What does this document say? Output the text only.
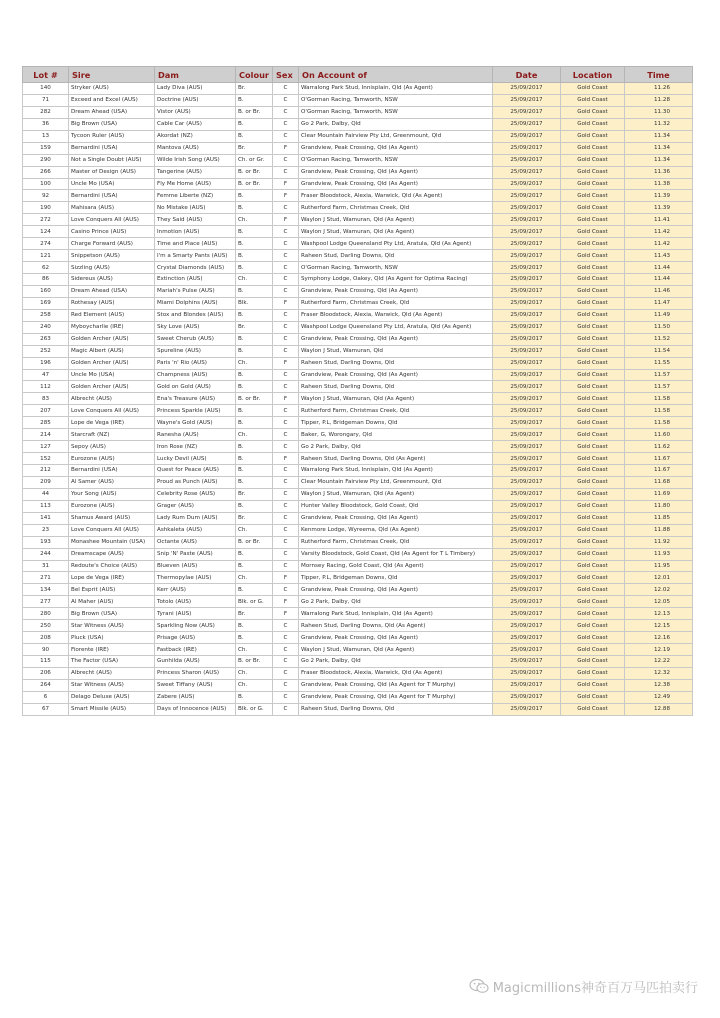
Lot #	Sire	Dam	Colour	Sex	On Account of	Date	Location	Time
140	Stryker (AUS)	Lady Diva (AUS)	Br.	C	Warralong Park Stud, Innisplain, Qld (As Agent)	25/09/2017	Gold Coast	11.26
71	Exceed and Excel (AUS)	Doctrine (AUS)	B.	C	O'Gorman Racing, Tamworth, NSW	25/09/2017	Gold Coast	11.28
282	Dream Ahead (USA)	Vistor (AUS)	B. or Br.	C	O'Gorman Racing, Tamworth, NSW	25/09/2017	Gold Coast	11.30
36	Big Brown (USA)	Cable Car (AUS)	B.	C	Go 2 Park, Dalby, Qld	25/09/2017	Gold Coast	11.32
13	Tycoon Ruler (AUS)	Akordat (NZ)	B.	C	Clear Mountain Fairview Pty Ltd, Greenmount, Qld	25/09/2017	Gold Coast	11.34
159	Bernardini (USA)	Mantova (AUS)	Br.	F	Grandview, Peak Crossing, Qld (As Agent)	25/09/2017	Gold Coast	11.34
290	Not a Single Doubt (AUS)	Wilde Irish Song (AUS)	Ch. or Gr.	C	O'Gorman Racing, Tamworth, NSW	25/09/2017	Gold Coast	11.34
266	Master of Design (AUS)	Tangerine (AUS)	B. or Br.	C	Grandview, Peak Crossing, Qld (As Agent)	25/09/2017	Gold Coast	11.36
100	Uncle Mo (USA)	Fly Me Home (AUS)	B. or Br.	F	Grandview, Peak Crossing, Qld (As Agent)	25/09/2017	Gold Coast	11.38
92	Bernardini (USA)	Femme Liberte (NZ)	B.	F	Fraser Bloodstock, Alexia, Warwick, Qld (As Agent)	25/09/2017	Gold Coast	11.39
190	Mahisara (AUS)	No Mistake (AUS)	B.	C	Rutherford Farm, Christmas Creek, Qld	25/09/2017	Gold Coast	11.39
272	Love Conquers All (AUS)	They Said (AUS)	Ch.	F	Waylon J Stud, Wamuran, Qld (As Agent)	25/09/2017	Gold Coast	11.41
124	Casino Prince (AUS)	Inmotion (AUS)	B.	C	Waylon J Stud, Wamuran, Qld (As Agent)	25/09/2017	Gold Coast	11.42
274	Charge Forward (AUS)	Time and Place (AUS)	B.	C	Washpool Lodge Queensland Pty Ltd, Aratula, Qld (As Agent)	25/09/2017	Gold Coast	11.42
121	Snippetson (AUS)	I'm a Smarty Pants (AUS)	B.	C	Raheen Stud, Darling Downs, Qld	25/09/2017	Gold Coast	11.43
62	Sizzling (AUS)	Crystal Diamonds (AUS)	B.	C	O'Gorman Racing, Tamworth, NSW	25/09/2017	Gold Coast	11.44
86	Sidereus (AUS)	Extinction (AUS)	Ch.	C	Symphony Lodge, Oakey, Qld (As Agent for Optima Racing)	25/09/2017	Gold Coast	11.44
160	Dream Ahead (USA)	Mariah's Pulse (AUS)	B.	C	Grandview, Peak Crossing, Qld (As Agent)	25/09/2017	Gold Coast	11.46
169	Rothesay (AUS)	Miami Dolphins (AUS)	Blk.	F	Rutherford Farm, Christmas Creek, Qld	25/09/2017	Gold Coast	11.47
258	Red Element (AUS)	Stox and Blondes (AUS)	B.	C	Fraser Bloodstock, Alexia, Warwick, Qld (As Agent)	25/09/2017	Gold Coast	11.49
240	Myboycharlie (IRE)	Sky Love (AUS)	Br.	C	Washpool Lodge Queensland Pty Ltd, Aratula, Qld (As Agent)	25/09/2017	Gold Coast	11.50
263	Golden Archer (AUS)	Sweet Cherub (AUS)	B.	C	Grandview, Peak Crossing, Qld (As Agent)	25/09/2017	Gold Coast	11.52
252	Magic Albert (AUS)	Spureline (AUS)	B.	C	Waylon J Stud, Wamuran, Qld	25/09/2017	Gold Coast	11.54
196	Golden Archer (AUS)	Paris 'n' Rio (AUS)	Ch.	F	Raheen Stud, Darling Downs, Qld	25/09/2017	Gold Coast	11.55
47	Uncle Mo (USA)	Champness (AUS)	B.	C	Grandview, Peak Crossing, Qld (As Agent)	25/09/2017	Gold Coast	11.57
112	Golden Archer (AUS)	Gold on Gold (AUS)	B.	C	Raheen Stud, Darling Downs, Qld	25/09/2017	Gold Coast	11.57
83	Albrecht (AUS)	Ena's Treasure (AUS)	B. or Br.	F	Waylon J Stud, Wamuran, Qld (As Agent)	25/09/2017	Gold Coast	11.58
207	Love Conquers All (AUS)	Princess Sparkle (AUS)	B.	C	Rutherford Farm, Christmas Creek, Qld	25/09/2017	Gold Coast	11.58
285	Lope de Vega (IRE)	Wayne's Gold (AUS)	B.	C	Tipper, P.L, Bridgeman Downs, Qld	25/09/2017	Gold Coast	11.58
214	Starcraft (NZ)	Ranesha (AUS)	Ch.	C	Baker, G, Worongary, Qld	25/09/2017	Gold Coast	11.60
127	Sepoy (AUS)	Iron Rose (NZ)	B.	C	Go 2 Park, Dalby, Qld	25/09/2017	Gold Coast	11.62
152	Eurozone (AUS)	Lucky Devil (AUS)	B.	F	Raheen Stud, Darling Downs, Qld (As Agent)	25/09/2017	Gold Coast	11.67
212	Bernardini (USA)	Quest for Peace (AUS)	B.	C	Warralong Park Stud, Innisplain, Qld (As Agent)	25/09/2017	Gold Coast	11.67
209	Al Samer (AUS)	Proud as Punch (AUS)	B.	C	Clear Mountain Fairview Pty Ltd, Greenmount, Qld	25/09/2017	Gold Coast	11.68
44	Your Song (AUS)	Celebrity Rose (AUS)	Br.	C	Waylon J Stud, Wamuran, Qld (As Agent)	25/09/2017	Gold Coast	11.69
113	Eurozone (AUS)	Grager (AUS)	B.	C	Hunter Valley Bloodstock, Gold Coast, Qld	25/09/2017	Gold Coast	11.80
141	Shamus Award (AUS)	Lady Rum Dum (AUS)	Br.	C	Grandview, Peak Crossing, Qld (As Agent)	25/09/2017	Gold Coast	11.85
23	Love Conquers All (AUS)	Ashkaleta (AUS)	Ch.	C	Kenmore Lodge, Wyreema, Qld (As Agent)	25/09/2017	Gold Coast	11.88
193	Monashee Mountain (USA)	Octante (AUS)	B. or Br.	C	Rutherford Farm, Christmas Creek, Qld	25/09/2017	Gold Coast	11.92
244	Dreamscape (AUS)	Snip 'N' Paste (AUS)	B.	C	Varsity Bloodstock, Gold Coast, Qld (As Agent for T L Timbery)	25/09/2017	Gold Coast	11.93
31	Redoute's Choice (AUS)	Blueven (AUS)	B.	C	Mornsey Racing, Gold Coast, Qld (As Agent)	25/09/2017	Gold Coast	11.95
271	Lope de Vega (IRE)	Thermopylae (AUS)	Ch.	F	Tipper, P.L, Bridgeman Downs, Qld	25/09/2017	Gold Coast	12.01
134	Bel Esprit (AUS)	Kerr (AUS)	B.	C	Grandview, Peak Crossing, Qld (As Agent)	25/09/2017	Gold Coast	12.02
277	Al Maher (AUS)	Totolo (AUS)	Blk. or G.	F	Go 2 Park, Dalby, Qld	25/09/2017	Gold Coast	12.05
280	Big Brown (USA)	Tyrani (AUS)	Br.	F	Warralong Park Stud, Innisplain, Qld (As Agent)	25/09/2017	Gold Coast	12.13
250	Star Witness (AUS)	Sparkling Now (AUS)	B.	C	Raheen Stud, Darling Downs, Qld (As Agent)	25/09/2017	Gold Coast	12.15
208	Pluck (USA)	Prisage (AUS)	B.	C	Grandview, Peak Crossing, Qld (As Agent)	25/09/2017	Gold Coast	12.16
90	Fiorente (IRE)	Fastback (IRE)	Ch.	C	Waylon J Stud, Wamuran, Qld (As Agent)	25/09/2017	Gold Coast	12.19
115	The Factor (USA)	Gunhilda (AUS)	B. or Br.	C	Go 2 Park, Dalby, Qld	25/09/2017	Gold Coast	12.22
206	Albrecht (AUS)	Princess Sharon (AUS)	Ch.	C	Fraser Bloodstock, Alexia, Warwick, Qld (As Agent)	25/09/2017	Gold Coast	12.32
264	Star Witness (AUS)	Sweet Tiffany (AUS)	Ch.	C	Grandview, Peak Crossing, Qld (As Agent for T Murphy)	25/09/2017	Gold Coast	12.38
6	Delago Deluxe (AUS)	Zabere (AUS)	B.	C	Grandview, Peak Crossing, Qld (As Agent for T Murphy)	25/09/2017	Gold Coast	12.49
67	Smart Missile (AUS)	Days of Innocence (AUS)	Blk. or G.	C	Raheen Stud, Darling Downs, Qld	25/09/2017	Gold Coast	12.88
Magicmillions神奇百万马匹拍卖行
